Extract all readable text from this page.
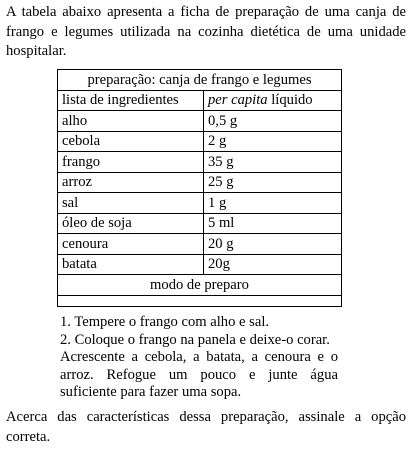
A tabela abaixo apresenta a ficha de preparação de uma canja de frango e legumes utilizada na cozinha dietética de uma unidade hospitalar.

preparação: canja de frango e legumes	
lista de ingredientes	per capita líquido
alho	0,5 g
cebola	2 g
frango	35 g
arroz	25 g
sal	1 g
óleo de soja	5 ml
cenoura	20 g
batata	20g
modo de preparo	
1. Tempere o frango com alho e sal.
2. Coloque o frango na panela e deixe-o corar.
Acrescente a cebola, a batata, a cenoura e o arroz. Refogue um pouco e junte água suficiente para fazer uma sopa.

Acerca das características dessa preparação, assinale a opção correta.
